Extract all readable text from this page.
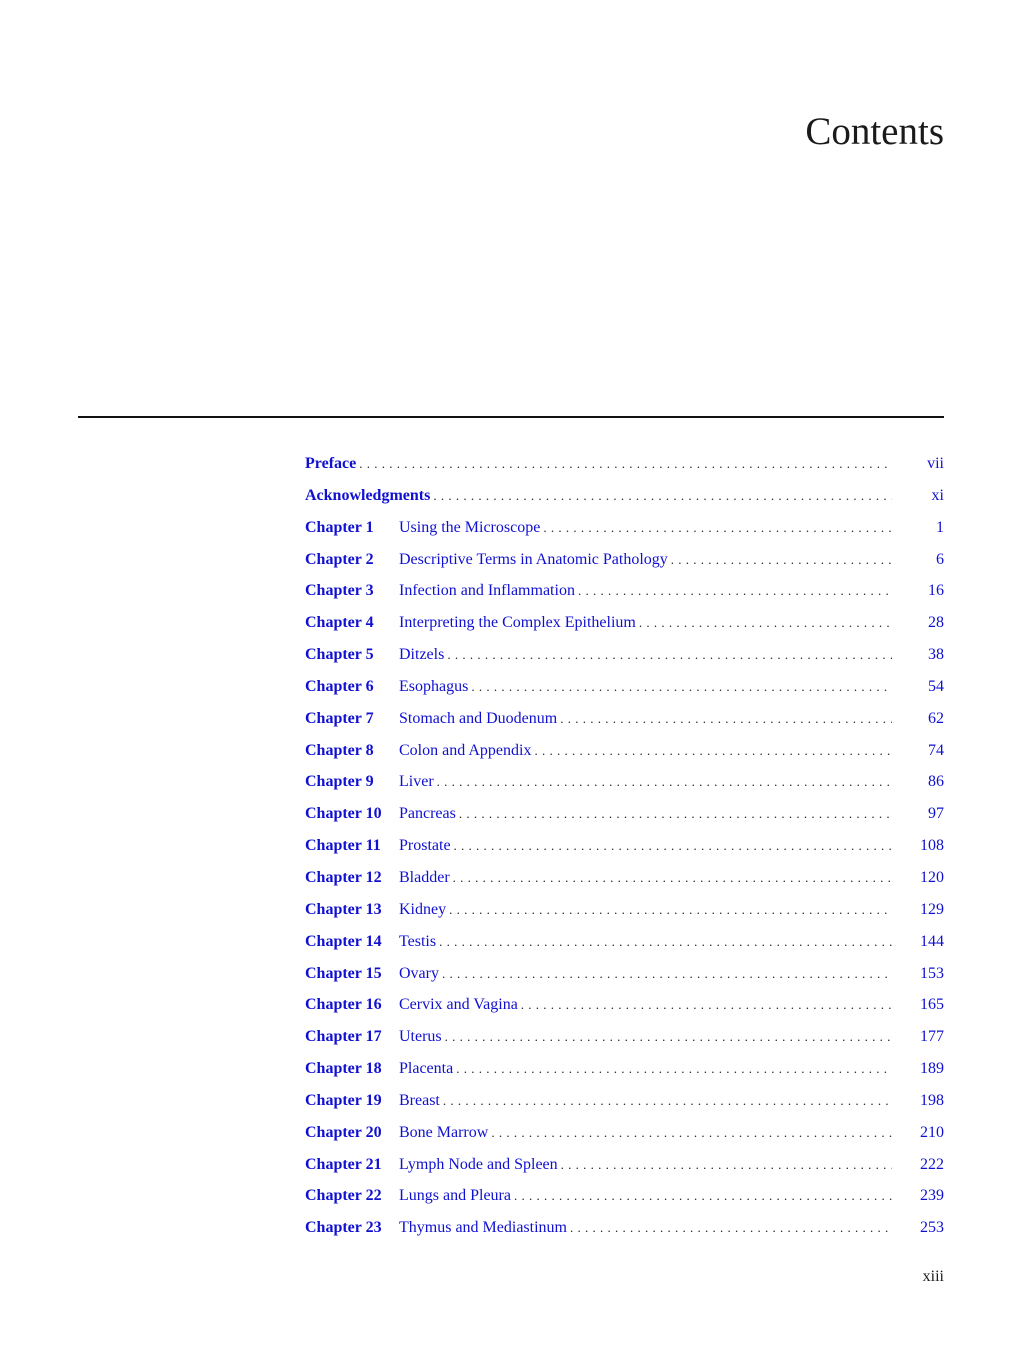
Contents
Preface . . .	vii
Acknowledgments . . .	xi
Chapter 1	Using the Microscope . . .	1
Chapter 2	Descriptive Terms in Anatomic Pathology . . .	6
Chapter 3	Infection and Inflammation . . .	16
Chapter 4	Interpreting the Complex Epithelium . . .	28
Chapter 5	Ditzels . . .	38
Chapter 6	Esophagus . . .	54
Chapter 7	Stomach and Duodenum . . .	62
Chapter 8	Colon and Appendix . . .	74
Chapter 9	Liver . . .	86
Chapter 10	Pancreas . . .	97
Chapter 11	Prostate . . .	108
Chapter 12	Bladder . . .	120
Chapter 13	Kidney . . .	129
Chapter 14	Testis . . .	144
Chapter 15	Ovary . . .	153
Chapter 16	Cervix and Vagina . . .	165
Chapter 17	Uterus . . .	177
Chapter 18	Placenta . . .	189
Chapter 19	Breast . . .	198
Chapter 20	Bone Marrow . . .	210
Chapter 21	Lymph Node and Spleen . . .	222
Chapter 22	Lungs and Pleura . . .	239
Chapter 23	Thymus and Mediastinum . . .	253
xiii
